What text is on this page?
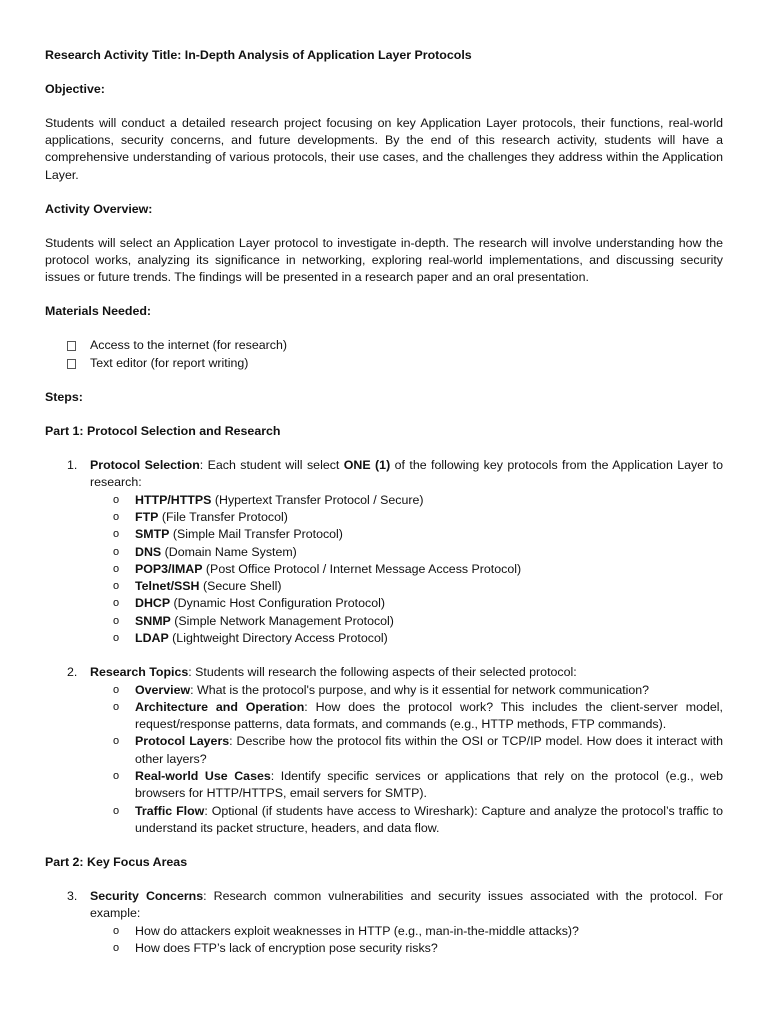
Research Activity Title: In-Depth Analysis of Application Layer Protocols
Objective:
Students will conduct a detailed research project focusing on key Application Layer protocols, their functions, real-world applications, security concerns, and future developments. By the end of this research activity, students will have a comprehensive understanding of various protocols, their use cases, and the challenges they address within the Application Layer.
Activity Overview:
Students will select an Application Layer protocol to investigate in-depth. The research will involve understanding how the protocol works, analyzing its significance in networking, exploring real-world implementations, and discussing security issues or future trends. The findings will be presented in a research paper and an oral presentation.
Materials Needed:
Access to the internet (for research)
Text editor (for report writing)
Steps:
Part 1: Protocol Selection and Research
1. Protocol Selection: Each student will select ONE (1) of the following key protocols from the Application Layer to research:
o HTTP/HTTPS (Hypertext Transfer Protocol / Secure)
o FTP (File Transfer Protocol)
o SMTP (Simple Mail Transfer Protocol)
o DNS (Domain Name System)
o POP3/IMAP (Post Office Protocol / Internet Message Access Protocol)
o Telnet/SSH (Secure Shell)
o DHCP (Dynamic Host Configuration Protocol)
o SNMP (Simple Network Management Protocol)
o LDAP (Lightweight Directory Access Protocol)
2. Research Topics: Students will research the following aspects of their selected protocol:
o Overview: What is the protocol's purpose, and why is it essential for network communication?
o Architecture and Operation: How does the protocol work? This includes the client-server model, request/response patterns, data formats, and commands (e.g., HTTP methods, FTP commands).
o Protocol Layers: Describe how the protocol fits within the OSI or TCP/IP model. How does it interact with other layers?
o Real-world Use Cases: Identify specific services or applications that rely on the protocol (e.g., web browsers for HTTP/HTTPS, email servers for SMTP).
o Traffic Flow: Optional (if students have access to Wireshark): Capture and analyze the protocol’s traffic to understand its packet structure, headers, and data flow.
Part 2: Key Focus Areas
3. Security Concerns: Research common vulnerabilities and security issues associated with the protocol. For example:
o How do attackers exploit weaknesses in HTTP (e.g., man-in-the-middle attacks)?
o How does FTP’s lack of encryption pose security risks?
